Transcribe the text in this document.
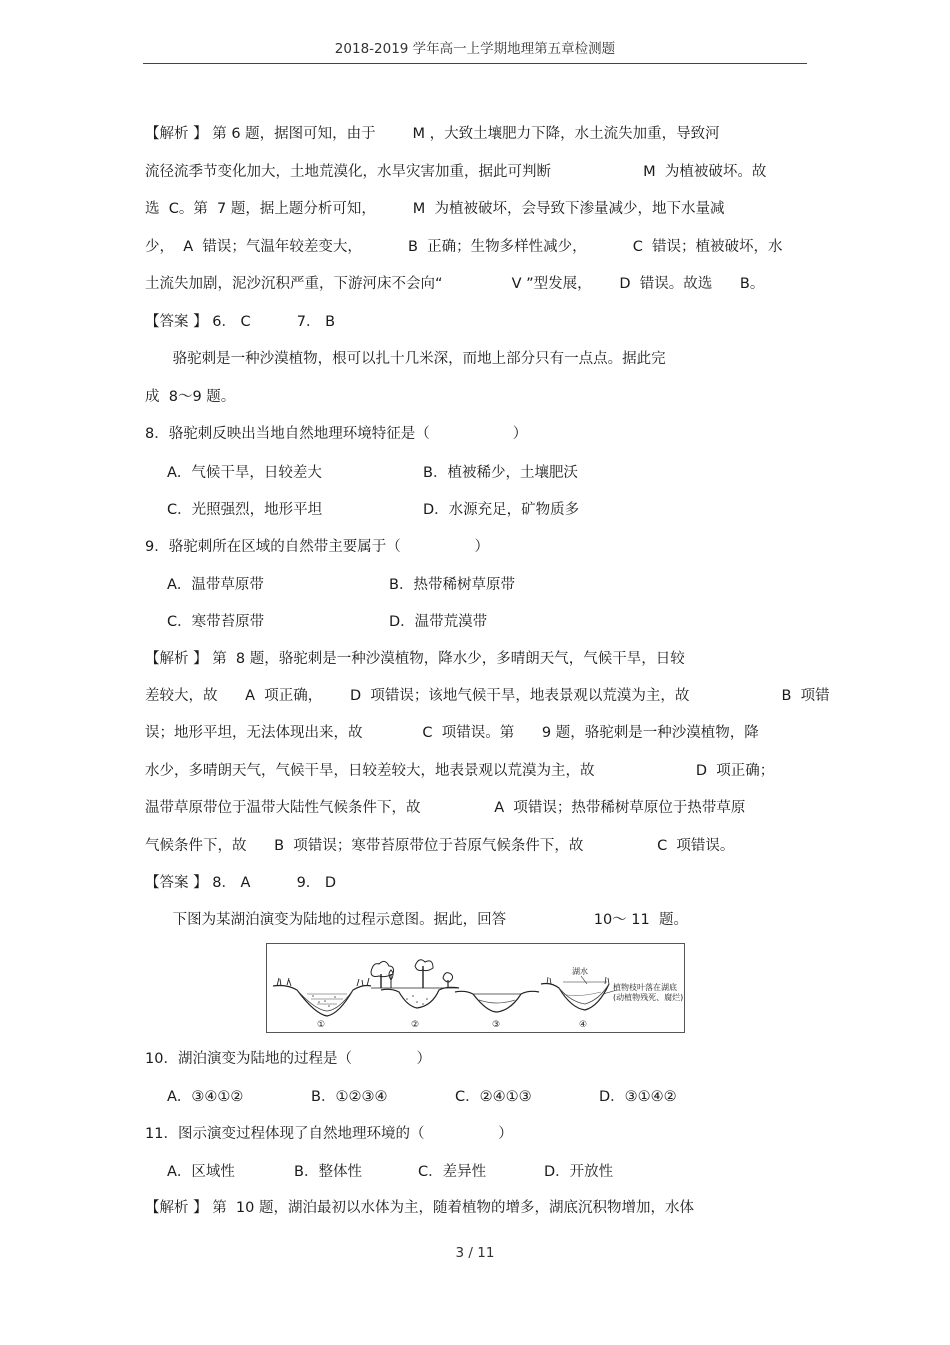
2018-2019 学年高一上学期地理第五章检测题
【解析 】 第 6 题，据图可知，由于        M ，大致土壤肥力下降，水土流失加重，导致河
流径流季节变化加大，土地荒漠化，水旱灾害加重，据此可判断                    M  为植被破坏。故
选  C。第  7 题，据上题分析可知，        M  为植被破坏，会导致下渗量减少，地下水量减
少，  A  错误；气温年较差变大，          B  正确；生物多样性减少，          C  错误；植被破坏，水
土流失加剧，泥沙沉积严重，下游河床不会向“               V ”型发展，      D  错误。故选      B。
【答案 】 6． C          7． B
骆驼刺是一种沙漠植物，根可以扎十几米深，而地上部分只有一点点。据此完
成  8～9 题。
8．骆驼刺反映出当地自然地理环境特征是（                  ）
A．气候干旱，日较差大	B．植被稀少，土壤肥沃
C．光照强烈，地形平坦	D．水源充足，矿物质多
9．骆驼刺所在区域的自然带主要属于（                ）
A．温带草原带	B．热带稀树草原带
C．寒带苔原带	D．温带荒漠带
【解析 】 第  8 题，骆驼刺是一种沙漠植物，降水少，多晴朗天气，气候干旱，日较
差较大，故      A  项正确，      D  项错误；该地气候干旱，地表景观以荒漠为主，故                    B  项错
误；地形平坦，无法体现出来，故             C  项错误。第      9 题，骆驼刺是一种沙漠植物，降
水少，多晴朗天气，气候干旱，日较差较大，地表景观以荒漠为主，故                      D  项正确；
温带草原带位于温带大陆性气候条件下，故                A  项错误；热带稀树草原位于热带草原
气候条件下，故      B  项错误；寒带苔原带位于苔原气候条件下，故                C  项错误。
【答案 】 8． A          9． D
下图为某湖泊演变为陆地的过程示意图。据此，回答                   10～ 11  题。
①	②	③
湖水
植物枝叶落在湖底
(动植物残死、腐烂)
④
10．湖泊演变为陆地的过程是（              ）
A．③④①②	B．①②③④	C．②④①③	D．③①④②
11．图示演变过程体现了自然地理环境的（                ）
A．区域性	B．整体性	C．差异性	D．开放性
【解析 】 第  10 题，湖泊最初以水体为主，随着植物的增多，湖底沉积物增加，水体
3 / 11
